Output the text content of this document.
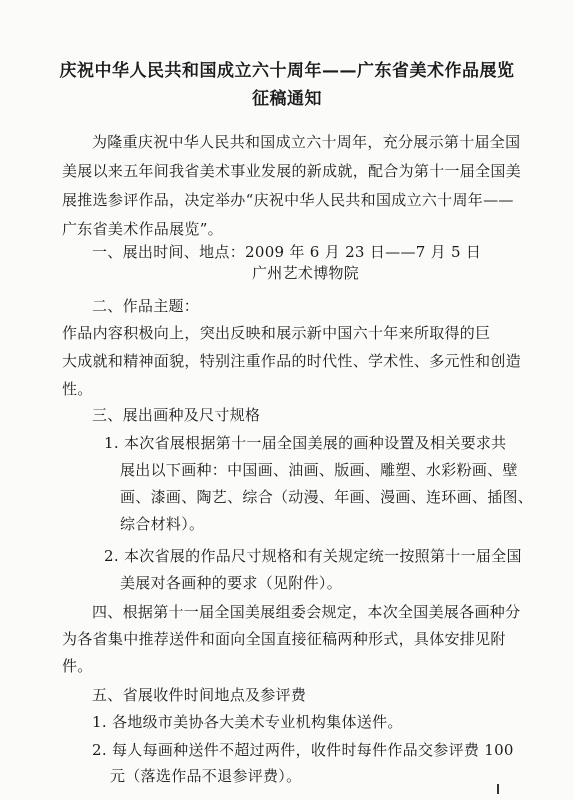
庆祝中华人民共和国成立六十周年——广东省美术作品展览
征稿通知
为隆重庆祝中华人民共和国成立六十周年，充分展示第十届全国
美展以来五年间我省美术事业发展的新成就，配合为第十一届全国美
展推选参评作品，决定举办“庆祝中华人民共和国成立六十周年——
广东省美术作品展览”。
一、展出时间、地点：2009 年 6 月 23 日——7 月 5 日
广州艺术博物院
二、作品主题：
作品内容积极向上，突出反映和展示新中国六十年来所取得的巨
大成就和精神面貌，特别注重作品的时代性、学术性、多元性和创造
性。
三、展出画种及尺寸规格
1. 本次省展根据第十一届全国美展的画种设置及相关要求共
展出以下画种：中国画、油画、版画、雕塑、水彩粉画、壁
画、漆画、陶艺、综合（动漫、年画、漫画、连环画、插图、
综合材料）。
2. 本次省展的作品尺寸规格和有关规定统一按照第十一届全国
美展对各画种的要求（见附件）。
四、根据第十一届全国美展组委会规定，本次全国美展各画种分
为各省集中推荐送件和面向全国直接征稿两种形式，具体安排见附
件。
五、省展收件时间地点及参评费
1. 各地级市美协各大美术专业机构集体送件。
2. 每人每画种送件不超过两件，收件时每件作品交参评费 100
元（落选作品不退参评费）。
